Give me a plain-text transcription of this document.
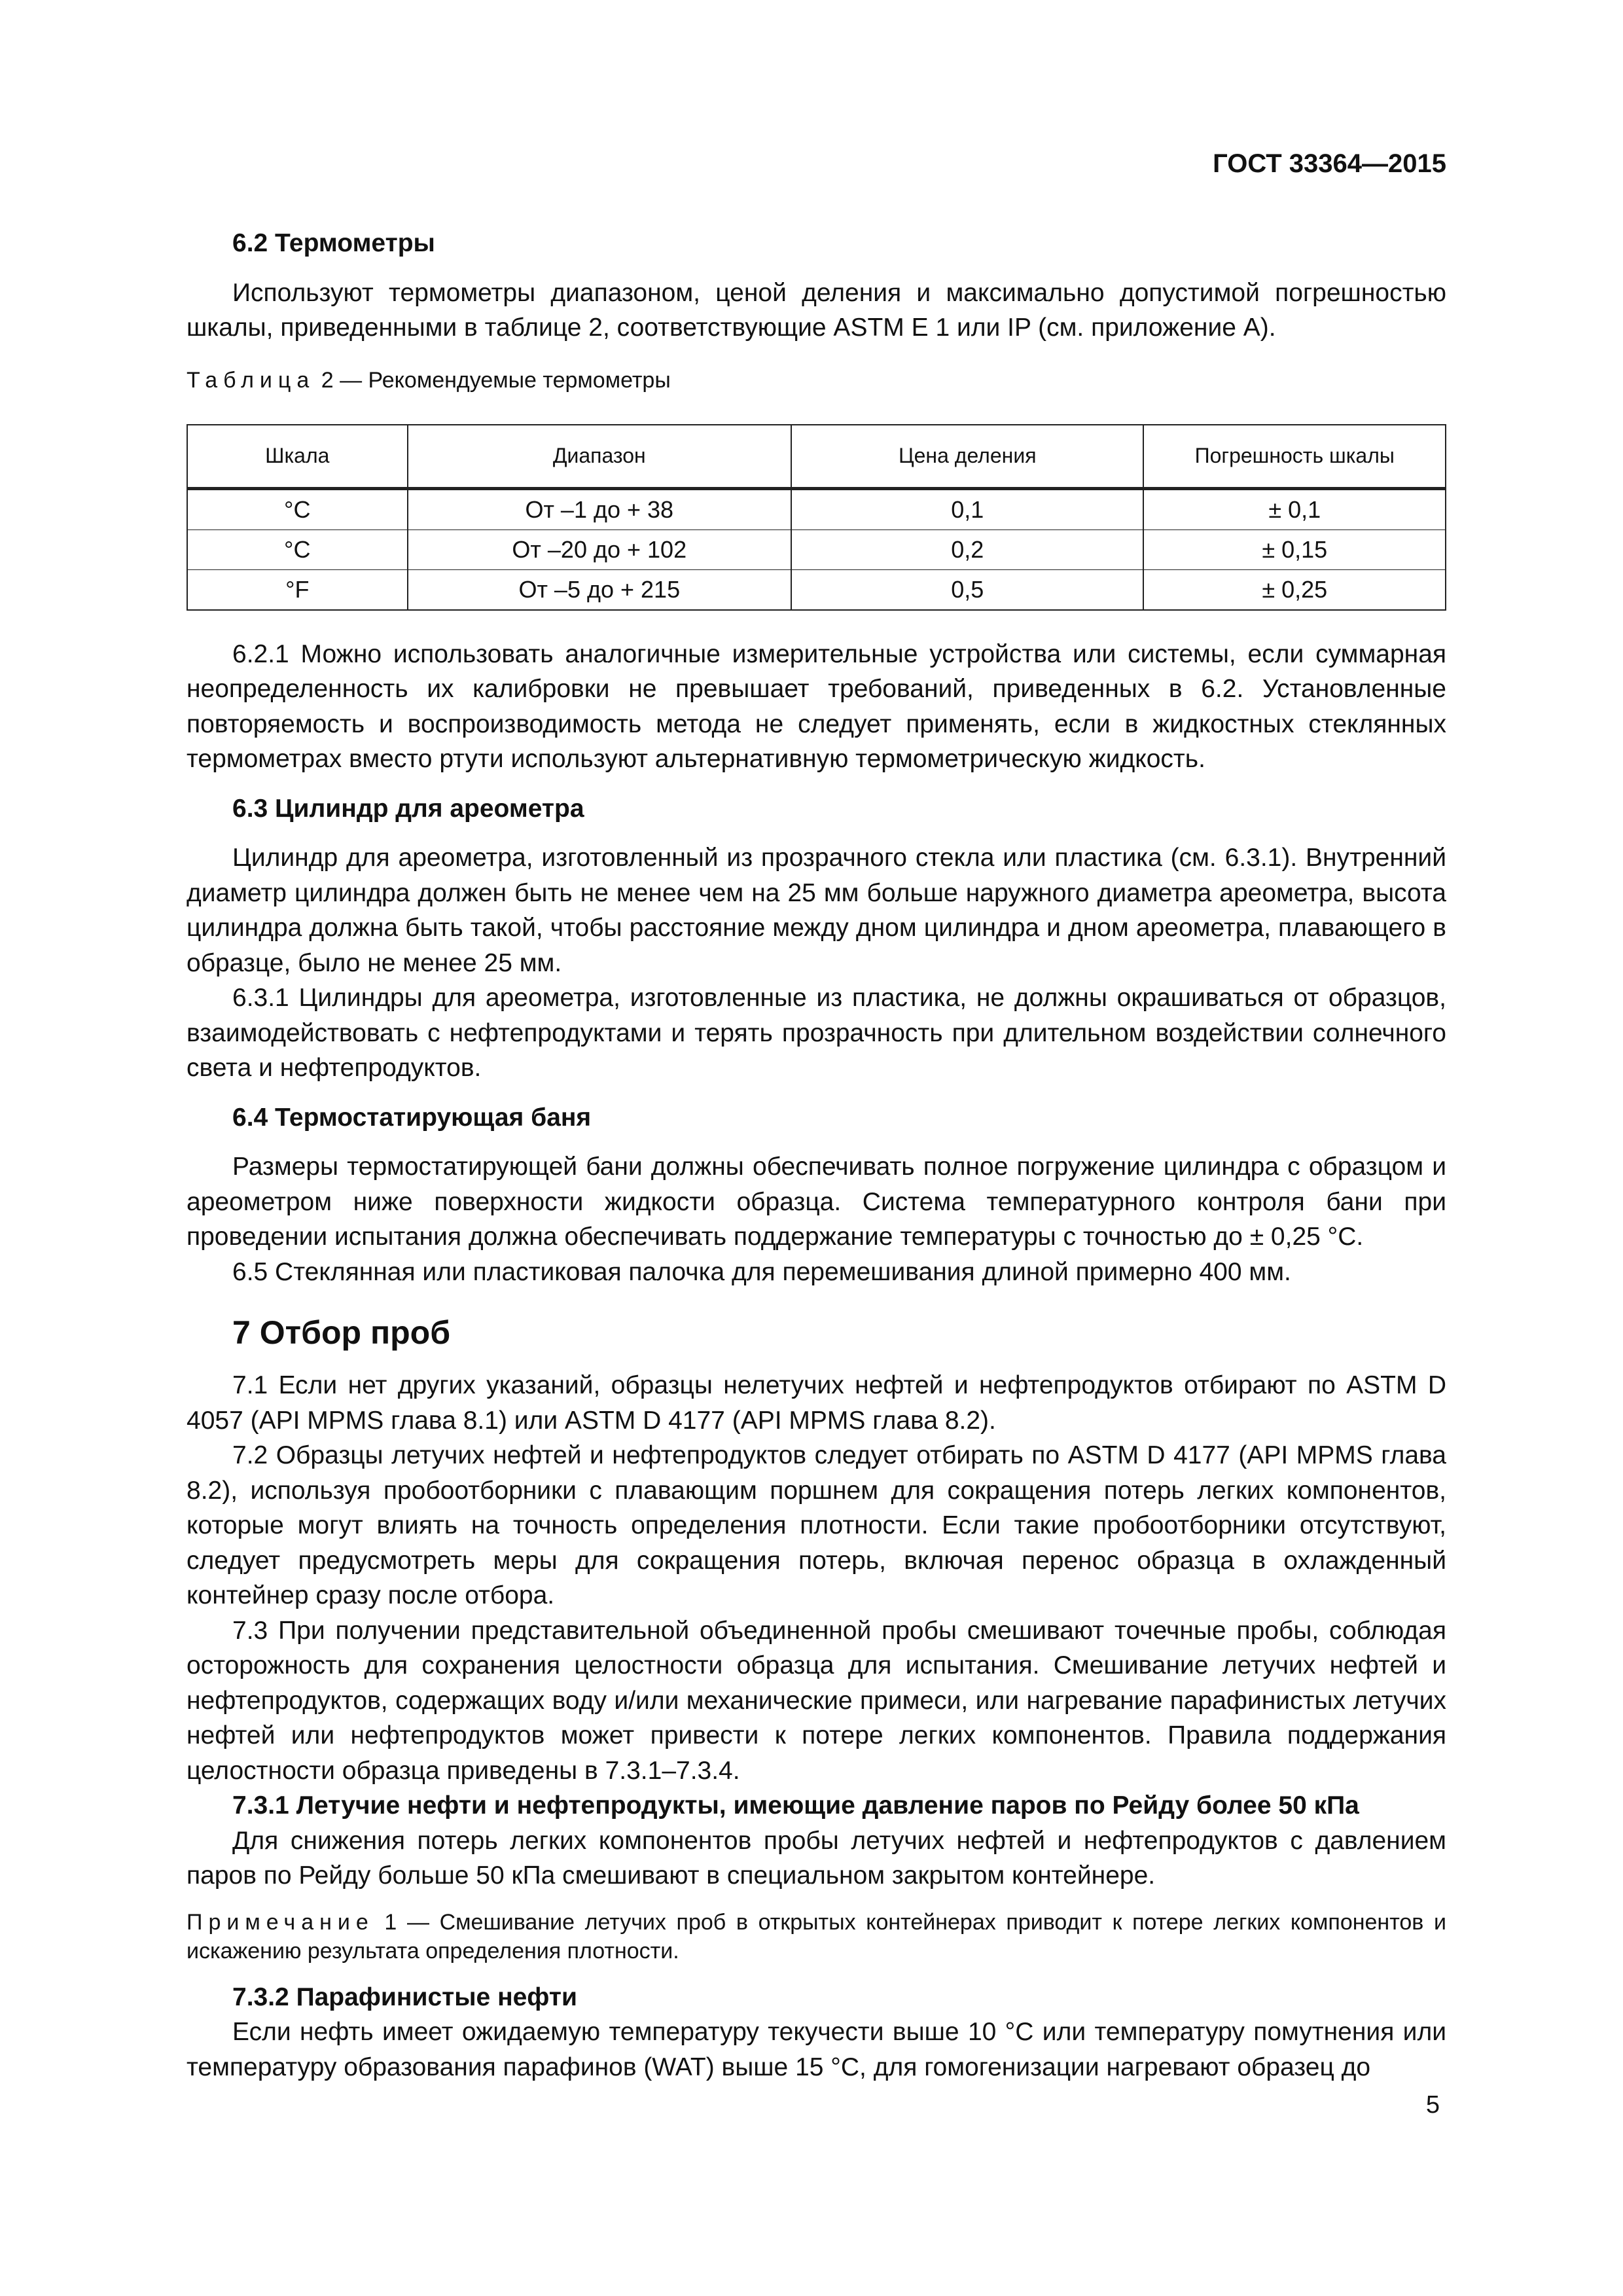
ГОСТ 33364—2015
6.2 Термометры

Используют термометры диапазоном, ценой деления и максимально допустимой погрешностью шкалы, приведенными в таблице 2, соответствующие ASTM E 1 или IP (см. приложение А).

Таблица 2 — Рекомендуемые термометры
Шкала	Диапазон	Цена деления	Погрешность шкалы
°С	От –1 до + 38	0,1	± 0,1
°С	От –20 до + 102	0,2	± 0,15
°F	От –5 до + 215	0,5	± 0,25

6.2.1 Можно использовать аналогичные измерительные устройства или системы, если суммарная неопределенность их калибровки не превышает требований, приведенных в 6.2. Установленные повторяемость и воспроизводимость метода не следует применять, если в жидкостных стеклянных термометрах вместо ртути используют альтернативную термометрическую жидкость.

6.3 Цилиндр для ареометра

Цилиндр для ареометра, изготовленный из прозрачного стекла или пластика (см. 6.3.1). Внутренний диаметр цилиндра должен быть не менее чем на 25 мм больше наружного диаметра ареометра, высота цилиндра должна быть такой, чтобы расстояние между дном цилиндра и дном ареометра, плавающего в образце, было не менее 25 мм.

6.3.1 Цилиндры для ареометра, изготовленные из пластика, не должны окрашиваться от образцов, взаимодействовать с нефтепродуктами и терять прозрачность при длительном воздействии солнечного света и нефтепродуктов.

6.4 Термостатирующая баня

Размеры термостатирующей бани должны обеспечивать полное погружение цилиндра с образцом и ареометром ниже поверхности жидкости образца. Система температурного контроля бани при проведении испытания должна обеспечивать поддержание температуры с точностью до ± 0,25 °С.

6.5 Стеклянная или пластиковая палочка для перемешивания длиной примерно 400 мм.

7 Отбор проб

7.1 Если нет других указаний, образцы нелетучих нефтей и нефтепродуктов отбирают по ASTM D 4057 (API MPMS глава 8.1) или ASTM D 4177 (API MPMS глава 8.2).

7.2 Образцы летучих нефтей и нефтепродуктов следует отбирать по ASTM D 4177 (API MPMS глава 8.2), используя пробоотборники с плавающим поршнем для сокращения потерь легких компонентов, которые могут влиять на точность определения плотности. Если такие пробоотборники отсутствуют, следует предусмотреть меры для сокращения потерь, включая перенос образца в охлажденный контейнер сразу после отбора.

7.3 При получении представительной объединенной пробы смешивают точечные пробы, соблюдая осторожность для сохранения целостности образца для испытания. Смешивание летучих нефтей и нефтепродуктов, содержащих воду и/или механические примеси, или нагревание парафинистых летучих нефтей или нефтепродуктов может привести к потере легких компонентов. Правила поддержания целостности образца приведены в 7.3.1–7.3.4.

7.3.1 Летучие нефти и нефтепродукты, имеющие давление паров по Рейду более 50 кПа

Для снижения потерь легких компонентов пробы летучих нефтей и нефтепродуктов с давлением паров по Рейду больше 50 кПа смешивают в специальном закрытом контейнере.

Примечание 1 — Смешивание летучих проб в открытых контейнерах приводит к потере легких компонентов и искажению результата определения плотности.

7.3.2 Парафинистые нефти

Если нефть имеет ожидаемую температуру текучести выше 10 °С или температуру помутнения или температуру образования парафинов (WAT) выше 15 °С, для гомогенизации нагревают образец до

5
